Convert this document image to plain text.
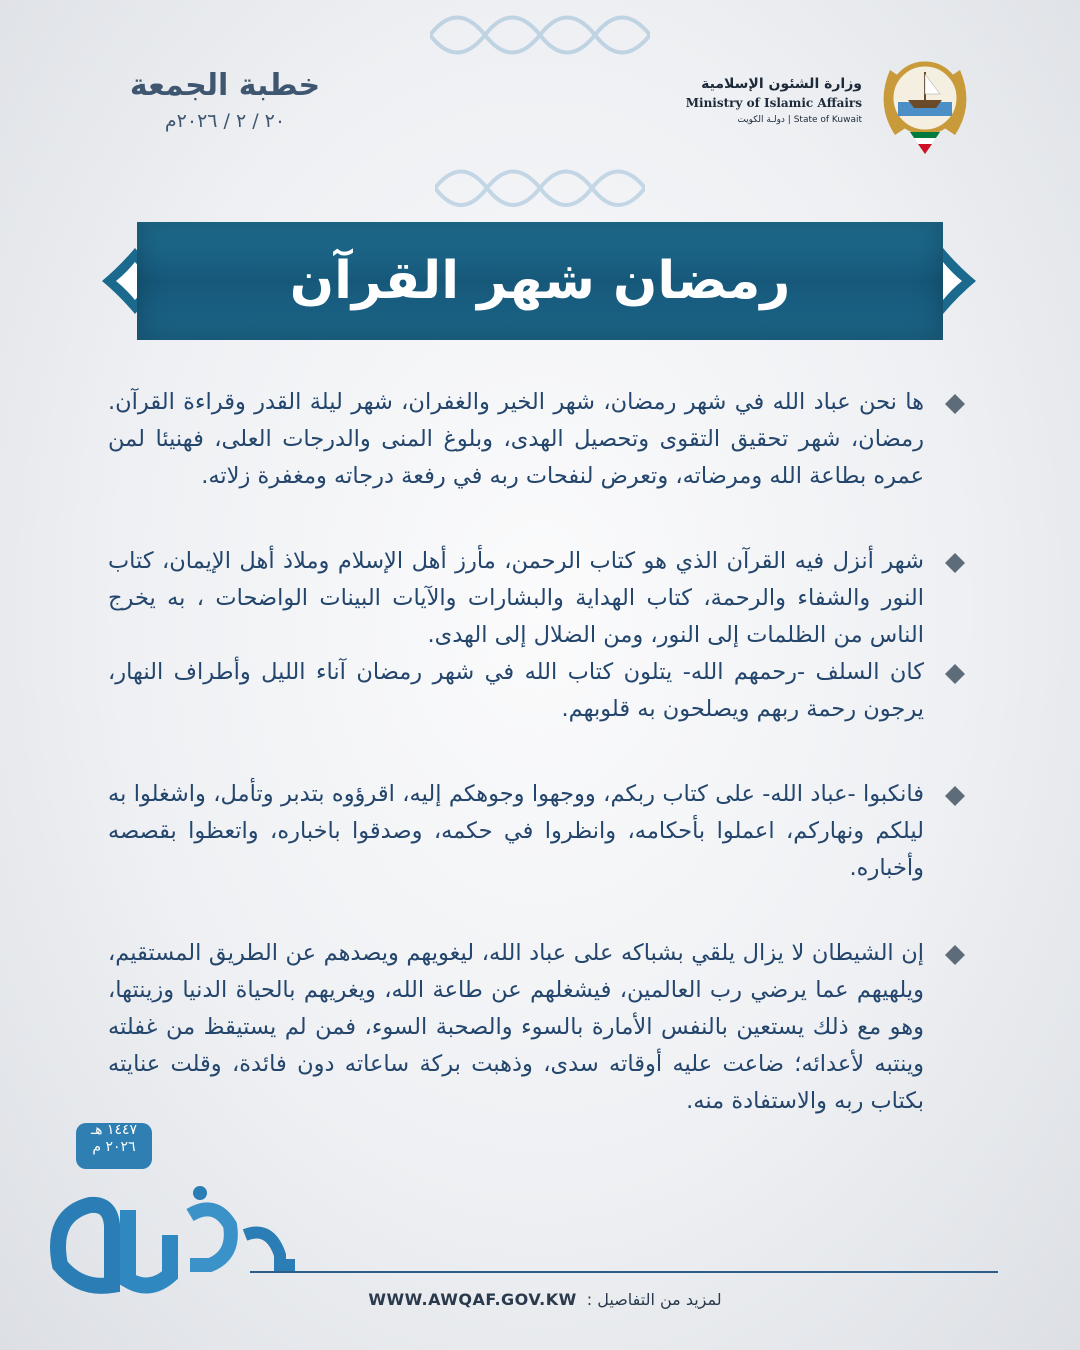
خطبة الجمعة
٢٠ / ٢ / ٢٠٢٦م
وزارة الشئون الإسلامية
Ministry of Islamic Affairs
State of Kuwait | دولـة الكويت
رمضان شهر القرآن
ها نحن عباد الله في شهر رمضان، شهر الخير والغفران، شهر ليلة القدر وقراءة القرآن. رمضان، شهر تحقيق التقوى وتحصيل الهدى، وبلوغ المنى والدرجات العلى، فهنيئا لمن عمره بطاعة الله ومرضاته، وتعرض لنفحات ربه في رفعة درجاته ومغفرة زلاته.
شهر أنزل فيه القرآن الذي هو كتاب الرحمن، مأرز أهل الإسلام وملاذ أهل الإيمان، كتاب النور والشفاء والرحمة، كتاب الهداية والبشارات والآيات البينات الواضحات ، به يخرج الناس من الظلمات إلى النور، ومن الضلال إلى الهدى.
كان السلف -رحمهم الله- يتلون كتاب الله في شهر رمضان آناء الليل وأطراف النهار، يرجون رحمة ربهم ويصلحون به قلوبهم.
فانكبوا -عباد الله- على كتاب ربكم، ووجهوا وجوهكم إليه، اقرؤوه بتدبر وتأمل، واشغلوا به ليلكم ونهاركم، اعملوا بأحكامه، وانظروا في حكمه، وصدقوا باخباره، واتعظوا بقصصه وأخباره.
إن الشيطان لا يزال يلقي بشباكه على عباد الله، ليغويهم ويصدهم عن الطريق المستقيم، ويلهيهم عما يرضي رب العالمين، فيشغلهم عن طاعة الله، ويغريهم بالحياة الدنيا وزينتها، وهو مع ذلك يستعين بالنفس الأمارة بالسوء والصحبة السوء، فمن لم يستيقظ من غفلته وينتبه لأعدائه؛ ضاعت عليه أوقاته سدى، وذهبت بركة ساعاته دون فائدة، وقلت عنايته بكتاب ربه والاستفادة منه.
١٤٤٧ هـ
٢٠٢٦ م
لمزيد من التفاصيل :
WWW.AWQAF.GOV.KW
